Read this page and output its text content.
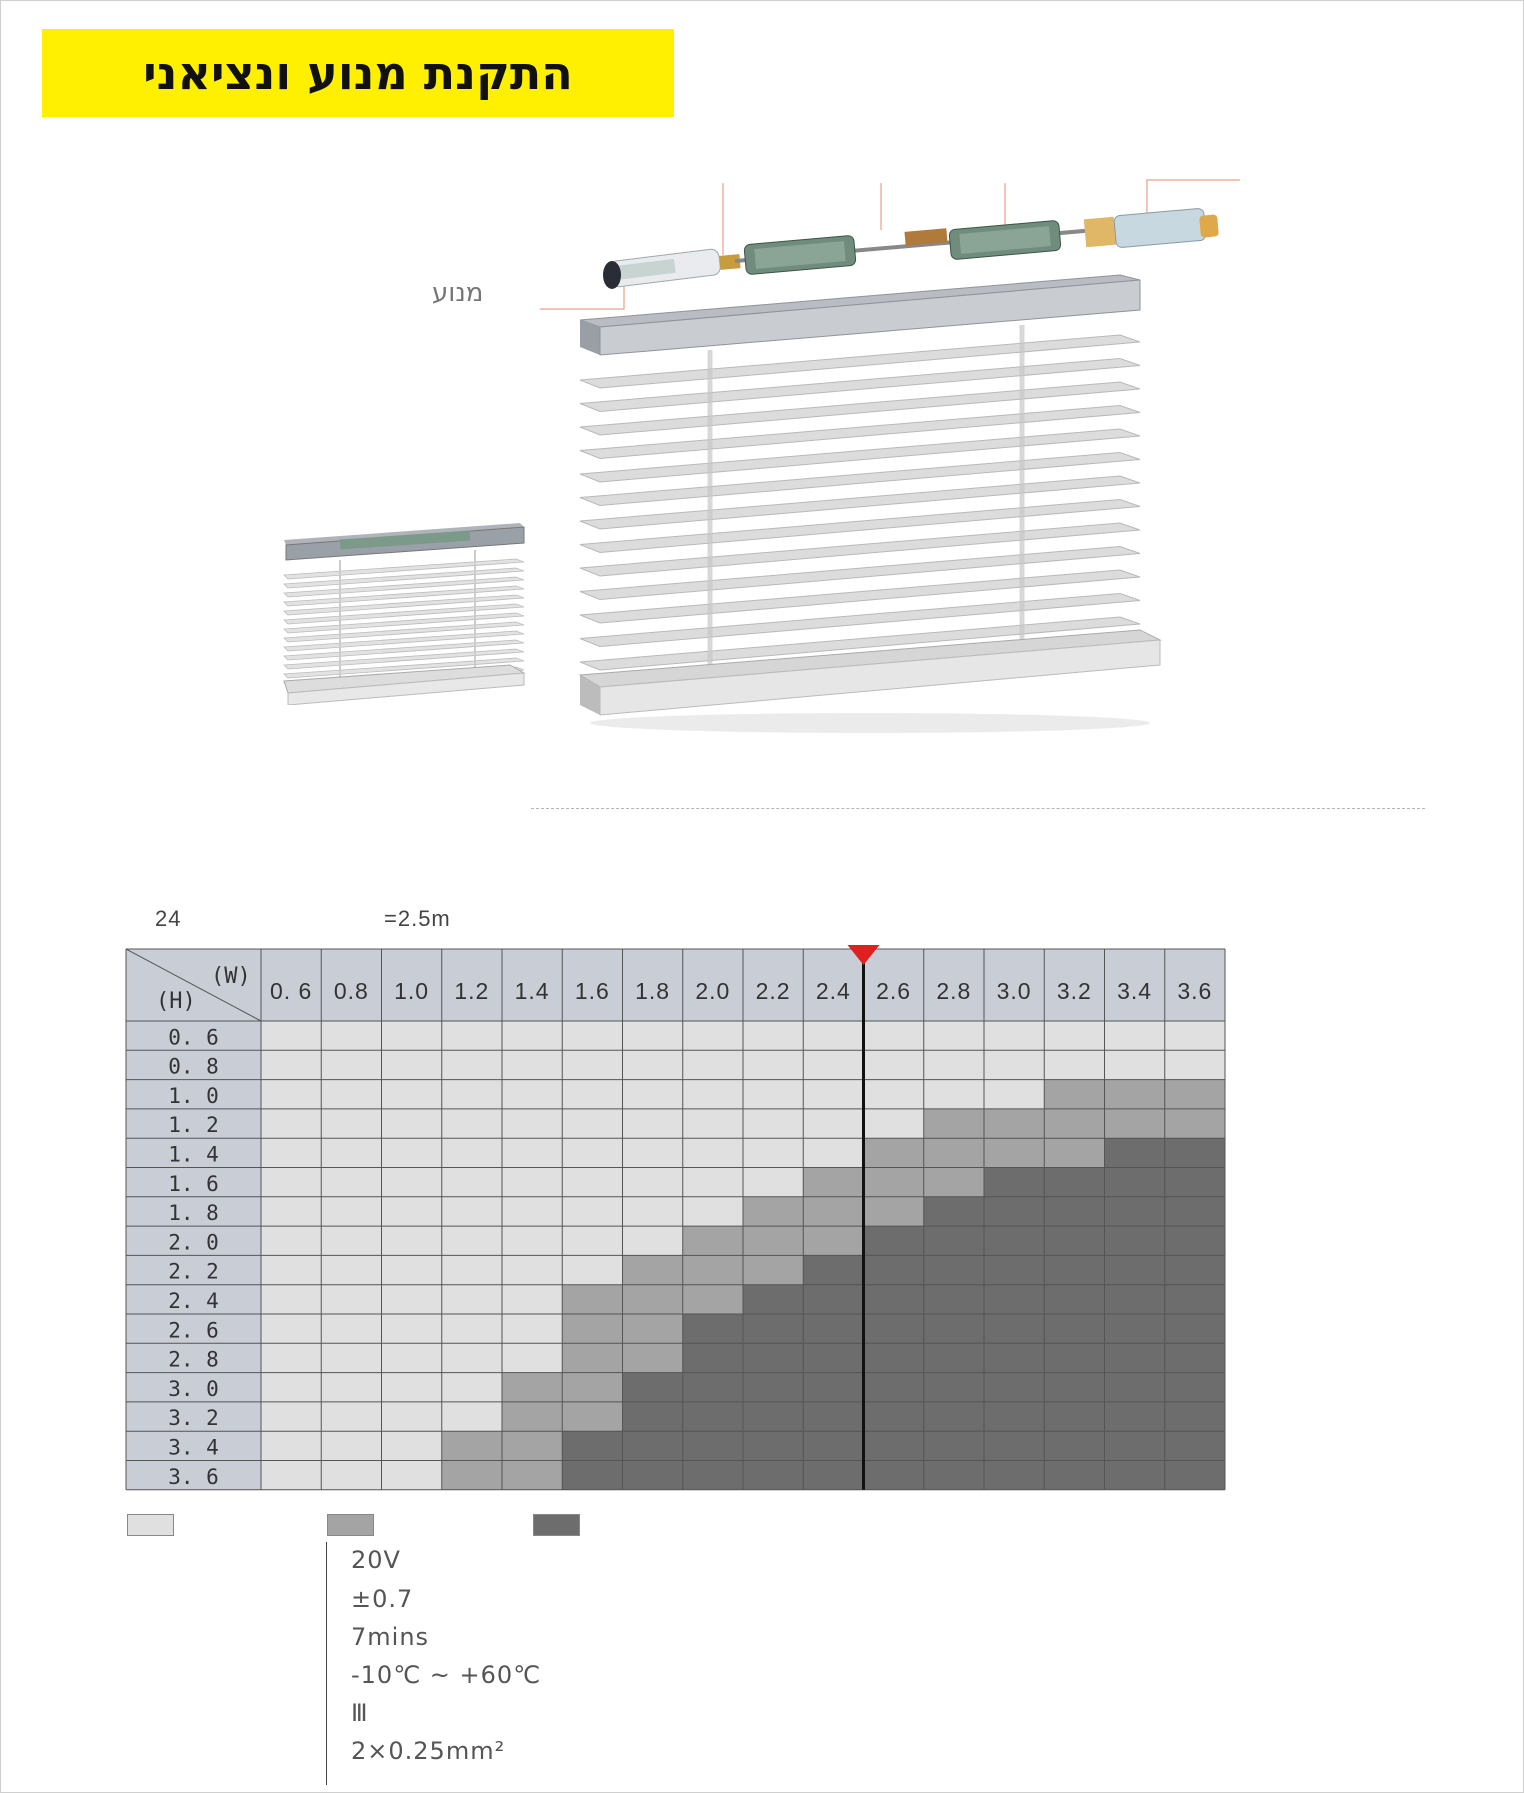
התקנת מנוע ונציאני
מנוע
24	=2.5m
0. 6 0.8 1.0 1.2 1.4 1.6 1.8 2.0 2.2 2.4 2.6 2.8 3.0 3.2 3.4 3.6
0. 6
0. 8
1. 0
1. 2
1. 4
1. 6
1. 8
2. 0
2. 2
2. 4
2. 6
2. 8
3. 0
3. 2
3. 4
3. 6
(W)
(H)
20V
±0.7
7mins
-10℃ ~ +60℃
Ⅲ
2×0.25mm²
